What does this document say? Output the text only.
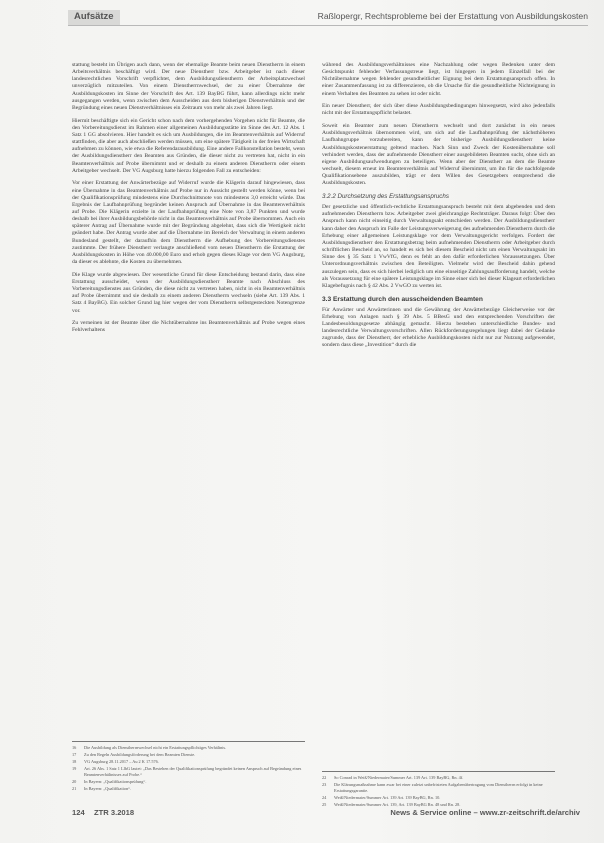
Aufsätze	Raßlopergr, Rechtsprobleme bei der Erstattung von Ausbildungskosten

stattung besteht im Übrigen auch dann, wenn der ehemalige Beamte beim neuen Dienstherrn in einem Arbeitsverhältnis beschäftigt wird. Der neue Dienstherr bzw. Arbeitgeber ist nach dieser landesrechtlichen Vorschrift verpflichtet, dem Ausbildungsdienstherrn der Arbeitsplatzwechsel unverzüglich mitzuteilen. Von einem Dienstherrnwechsel, der zu einer Übernahme der Ausbildungskosten im Sinne der Vorschrift des Art. 139 BayBG führt, kann allerdings nicht mehr ausgegangen werden, wenn zwischen dem Ausscheiden aus dem bisherigen Dienstverhältnis und der Begründung eines neuen Dienstverhältnisses ein Zeitraum von mehr als zwei Jahren liegt.

Hiermit beschäftigte sich ein Gericht schon nach dem vorhergehenden Vorgehen nicht für Beamte, die den Vorbereitungsdienst im Rahmen einer allgemeinen Ausbildungsstätte im Sinne des Art. 12 Abs. 1 Satz 1 GG absolvieren. Hier handelt es sich um Ausbildungen, die im Beamtenverhältnis auf Widerruf stattfinden, die aber auch abschließen werden müssen, um eine spätere Tätigkeit in der freien Wirtschaft aufnehmen zu können, wie etwa die Referendarausbildung. Eine andere Fallkonstellation besteht, wenn der Ausbildungsdienstherr den Beamten aus Gründen, die dieser nicht zu vertreten hat, nicht in ein Beamtenverhältnis auf Probe übernimmt und er deshalb zu einem anderen Dienstherrn oder einem Arbeitgeber wechselt. Der VG Augsburg hatte hierzu folgenden Fall zu entscheiden:

Vor einer Erstattung der Anwärterbezüge auf Widerruf wurde die Klägerin darauf hingewiesen, dass eine Übernahme in das Beamtenverhältnis auf Probe nur in Aussicht gestellt werden könne, wenn bei der Qualifikationsprüfung mindestens eine Durchschnittsnote von mindestens 3,0 erreicht würde. Das Ergebnis der Laufbahnprüfung begründet keinen Anspruch auf Übernahme in das Beamtenverhältnis auf Probe. Die Klägerin erzielte in der Laufbahnprüfung eine Note von 3,87 Punkten und wurde deshalb bei ihrer Ausbildungsbehörde nicht in das Beamtenverhältnis auf Probe übernommen. Auch ein späterer Antrag auf Übernahme wurde mit der Begründung abgelehnt, dass sich die Wertigkeit nicht geändert habe. Der Antrag wurde aber auf die Übernahme im Bereich der Verwaltung in einem anderen Bundesland gestellt, der daraufhin dem Dienstherrn die Aufhebung des Vorbereitungsdienstes zustimmte. Der frühere Dienstherr verlangte anschließend vom neuen Dienstherrn die Erstattung der Ausbildungskosten in Höhe von 40.000,00 Euro und erhob gegen dieses Klage vor dem VG Augsburg, da dieser es ablehnte, die Kosten zu übernehmen.

Die Klage wurde abgewiesen. Der wesentliche Grund für diese Entscheidung bestand darin, dass eine Erstattung ausscheidet, wenn der Ausbildungsdienstherr Beamte nach Abschluss des Vorbereitungsdienstes aus Gründen, die diese nicht zu vertreten haben, nicht in ein Beamtenverhältnis auf Probe übernimmt und sie deshalb zu einem anderen Dienstherrn wechseln (siehe Art. 139 Abs. 1 Satz 4 BayBG). Ein solcher Grund lag hier wegen der vom Dienstherrn selbstgesteckten Notengrenze vor.

Zu verneinen ist der Beamte über die Nichtübernahme ins Beamtenverhältnis auf Probe wegen eines Fehlverhaltens

16	Die Ausbildung als Dienstherrnwechsel nicht ein Erstattungspflichtiges Verhältnis.
17	Zu den Regeln Ausbildungsförderung bei dem Beamten Dienste.
18	VG Augsburg 28.11.2017 – Au 2 K 17.576.
19	Art. 26 Abs. 1 Satz 1 LlbG lautet: „Das Bestehen der Qualifikationsprüfung begründet keinen Anspruch auf Begründung eines Beamtenverhältnisses auf Probe.“
20	In Bayern: „Qualifikationsprüfung“.
21	In Bayern: „Qualifikation“.

während des Ausbildungsverhältnisses eine Nachzahlung oder wegen Bedenken unter dem Gesichtspunkt fehlender Verfassungstreue liegt, ist hingegen in jedem Einzelfall bei der Nichtübernahme wegen fehlender gesundheitlicher Eignung bei dem Erstattungsanspruch offen. In einer Zusammenfassung ist zu differenzieren, ob die Ursache für die gesundheitliche Nichteignung in einem Verhalten des Beamten zu sehen ist oder nicht.

Ein neuer Dienstherr, der sich über diese Ausbildungsbedingungen hinwegsetzt, wird also jedenfalls nicht mit der Erstattungspflicht belastet.

Soweit ein Beamter zum neuen Dienstherrn wechselt und dort zunächst in ein neues Ausbildungsverhältnis übernommen wird, um sich auf die Laufbahnprüfung der nächsthöheren Laufbahngruppe vorzubereiten, kann der bisherige Ausbildungsdienstherr keine Ausbildungskostenerstattung geltend machen. Nach Sinn und Zweck der Kostenübernahme soll verhindert werden, dass der aufnehmende Dienstherr einer ausgebildeten Beamten sucht, ohne sich an eigene Ausbildungsaufwendungen zu beteiligen. Wenn aber der Dienstherr an dem die Beamte wechselt, diesem erneut im Beamtenverhältnis auf Widerruf übernimmt, um ihn für die nachfolgende Qualifikationsebene auszubilden, trägt er dem Willen des Gesetzgebers entsprechend die Ausbildungskosten.

3.2.2 Durchsetzung des Erstattungsanspruchs

Der gesetzliche und öffentlich-rechtliche Erstattungsanspruch besteht mit dem abgebenden und dem aufnehmenden Dienstherrn bzw. Arbeitgeber zwei gleichrangige Rechtsträger. Daraus folgt: Über den Anspruch kann nicht einseitig durch Verwaltungsakt entschieden werden. Der Ausbildungsdienstherr kann daher den Anspruch im Falle der Leistungsverweigerung des aufnehmenden Dienstherrn durch die Erhebung einer allgemeinen Leistungsklage vor dem Verwaltungsgericht verfolgen. Fordert der Ausbildungsdienstherr den Erstattungsbetrag beim aufnehmenden Dienstherrn oder Arbeitgeber durch schriftlichen Bescheid an, so handelt es sich bei diesem Bescheid nicht um einen Verwaltungsakt im Sinne des § 35 Satz 1 VwVfG, denn es fehlt an den dafür erforderlichen Voraussetzungen. Über Unterordnungsverhältnis zwischen den Beteiligten. Vielmehr wird der Bescheid dahin gehend auszulegen sein, dass es sich hierbei lediglich um eine einseitige Zahlungsaufforderung handelt, welche als Voraussetzung für eine spätere Leistungsklage im Sinne einer sich bei dieser Klageart erforderlichen Klagebefugnis nach § 42 Abs. 2 VwGO zu werten ist.

3.3 Erstattung durch den ausscheidenden Beamten

Für Anwärter und Anwärterinnen und die Gewährung der Anwärterbezüge Gleicherweise vor der Erhebung von Anlagen nach § 39 Abs. 5 BBesG und den entsprechenden Vorschriften der Landesbesoldungsgesetze abhängig gemacht. Hierzu bestehen unterschiedliche Bundes- und landesrechtliche Verwaltungsvorschriften. Allen Rückforderungsregelungen liegt dabei der Gedanke zugrunde, dass der Dienstherr, der erhebliche Ausbildungskosten nicht nur zur Nutzung aufgewendet, sondern dass diese „Investition“ durch die

22	So Conrad in Weiß/Niedermaier/Summer Art. 139 Art. 139 BayBG, Rn. 4f.
23	Die Klärungsmaßnahme kann zwar bei einer zuletzt unbefristeten Aufgabenübertragung vom Dienstherrn erfolgt in keine Erstattungsgarantie.
24	Weiß/Niedermaier/Summer Art. 139 Art. 139 BayBG, Rn. 10.
25	Weiß/Niedermaier/Summer Art. 139, Art. 139 BayBG Rn. 48 und Rn. 28.
124 ZTR 3.2018	News & Service online – www.zr-zeitschrift.de/archiv
